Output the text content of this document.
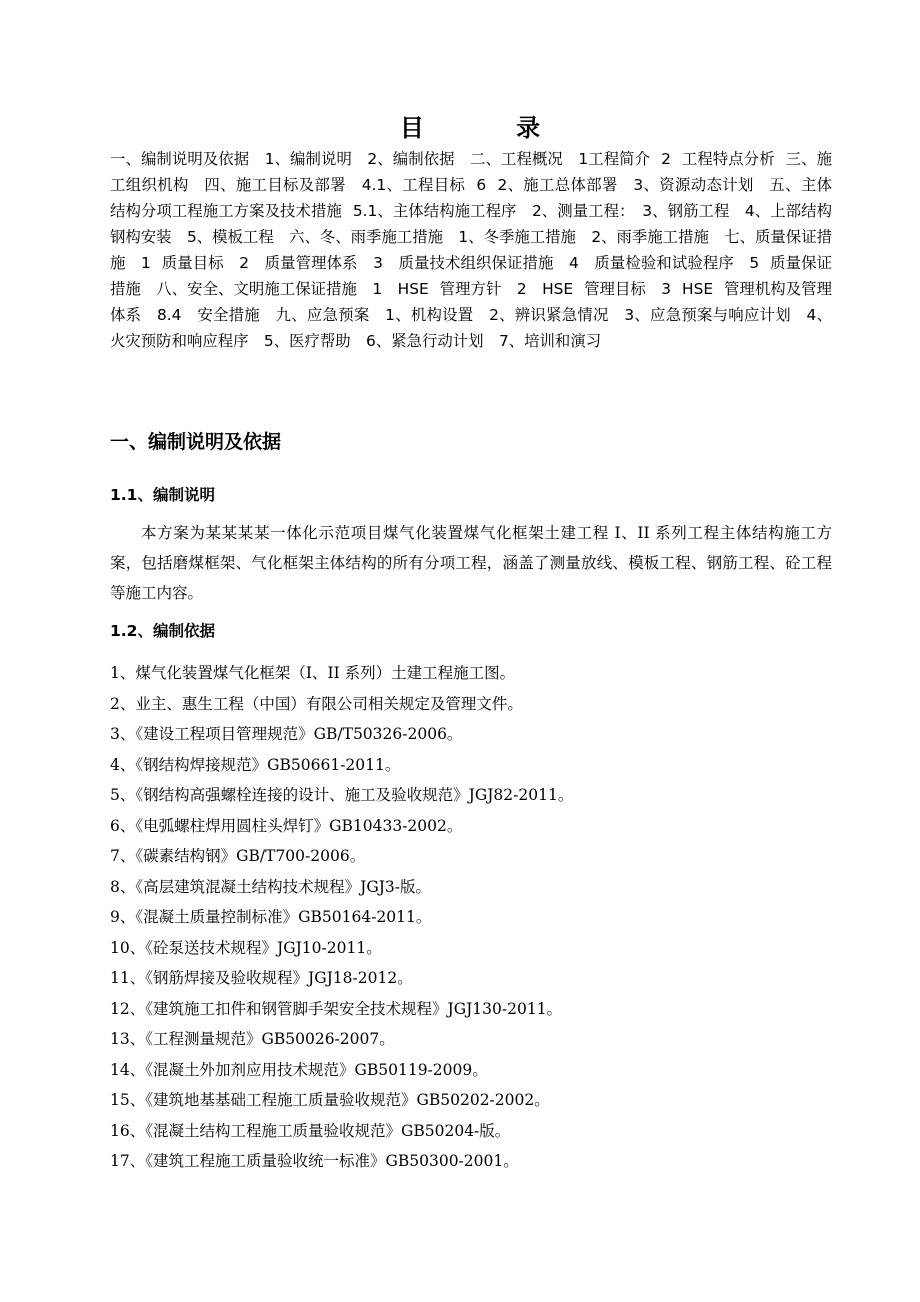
目 录
一、编制说明及依据　1、编制说明　2、编制依据　二、工程概况　1工程简介 2 工程特点分析 三、施工组织机构　四、施工目标及部署　4.1、工程目标 6 2、施工总体部署　3、资源动态计划　五、主体结构分项工程施工方案及技术措施 5.1、主体结构施工程序　2、测量工程：　3、钢筋工程　4、上部结构钢构安装　5、模板工程　六、冬、雨季施工措施　1、冬季施工措施　2、雨季施工措施　七、质量保证措施　1 质量目标　2　质量管理体系　3　质量技术组织保证措施　4　质量检验和试验程序　5 质量保证措施　八、安全、文明施工保证措施　1　HSE 管理方针　2　HSE 管理目标　3 HSE 管理机构及管理体系　8.4　安全措施　九、应急预案　1、机构设置　2、辨识紧急情况　3、应急预案与响应计划　4、火灾预防和响应程序　5、医疗帮助　6、紧急行动计划　7、培训和演习
一、编制说明及依据
1.1、编制说明
本方案为某某某某一体化示范项目煤气化装置煤气化框架土建工程 I、II 系列工程主体结构施工方案，包括磨煤框架、气化框架主体结构的所有分项工程，涵盖了测量放线、模板工程、钢筋工程、砼工程等施工内容。
1.2、编制依据
1、煤气化装置煤气化框架（I、II 系列）土建工程施工图。
2、业主、惠生工程（中国）有限公司相关规定及管理文件。
3、《建设工程项目管理规范》GB/T50326-2006。
4、《钢结构焊接规范》GB50661-2011。
5、《钢结构高强螺栓连接的设计、施工及验收规范》JGJ82-2011。
6、《电弧螺柱焊用圆柱头焊钉》GB10433-2002。
7、《碳素结构钢》GB/T700-2006。
8、《高层建筑混凝土结构技术规程》JGJ3-版。
9、《混凝土质量控制标准》GB50164-2011。
10、《砼泵送技术规程》JGJ10-2011。
11、《钢筋焊接及验收规程》JGJ18-2012。
12、《建筑施工扣件和钢管脚手架安全技术规程》JGJ130-2011。
13、《工程测量规范》GB50026-2007。
14、《混凝土外加剂应用技术规范》GB50119-2009。
15、《建筑地基基础工程施工质量验收规范》GB50202-2002。
16、《混凝土结构工程施工质量验收规范》GB50204-版。
17、《建筑工程施工质量验收统一标准》GB50300-2001。
